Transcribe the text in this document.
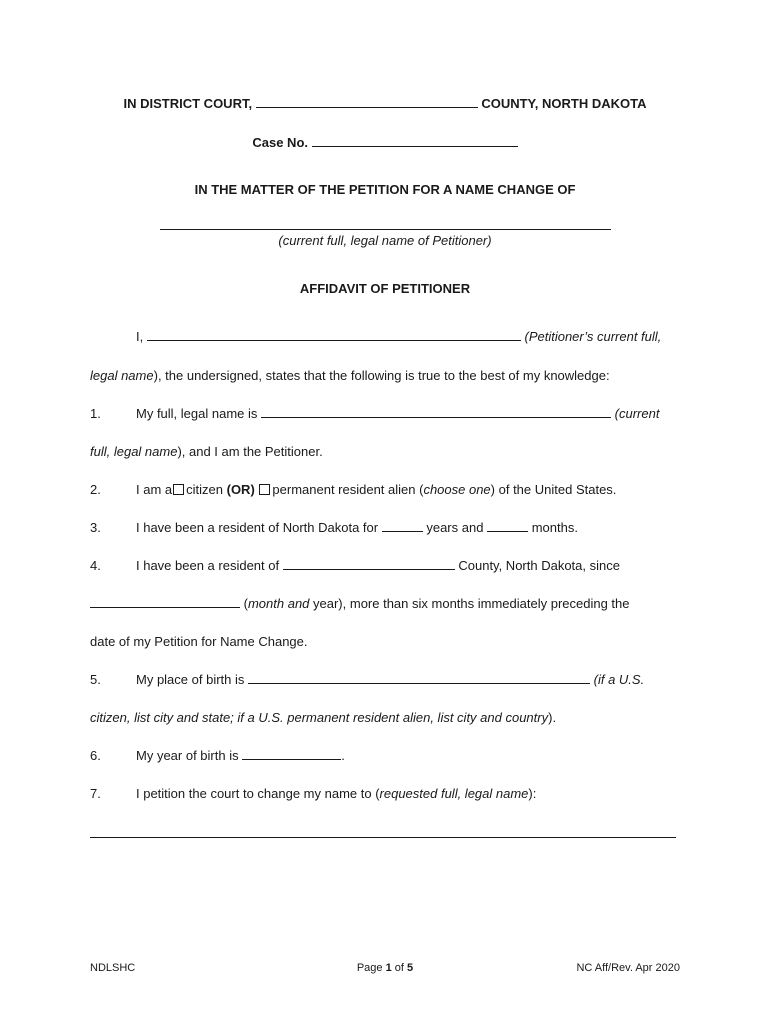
IN DISTRICT COURT,	COUNTY, NORTH DAKOTA
Case No.
IN THE MATTER OF THE PETITION FOR A NAME CHANGE OF
(current full, legal name of Petitioner)
AFFIDAVIT OF PETITIONER
I,	(Petitioner’s current full,
legal name), the undersigned, states that the following is true to the best of my knowledge:
1.	My full, legal name is	(current
full, legal name), and I am the Petitioner.
2.	I am a citizen (OR) permanent resident alien (choose one) of the United States.
3.	I have been a resident of North Dakota for	years and	months.
4.	I have been a resident of	County, North Dakota, since
(month and year), more than six months immediately preceding the
date of my Petition for Name Change.
5.	My place of birth is	(if a U.S.
citizen, list city and state; if a U.S. permanent resident alien, list city and country).
6.	My year of birth is	.
7.	I petition the court to change my name to (requested full, legal name):
NDLSHC	Page 1 of 5	NC Aff/Rev. Apr 2020
